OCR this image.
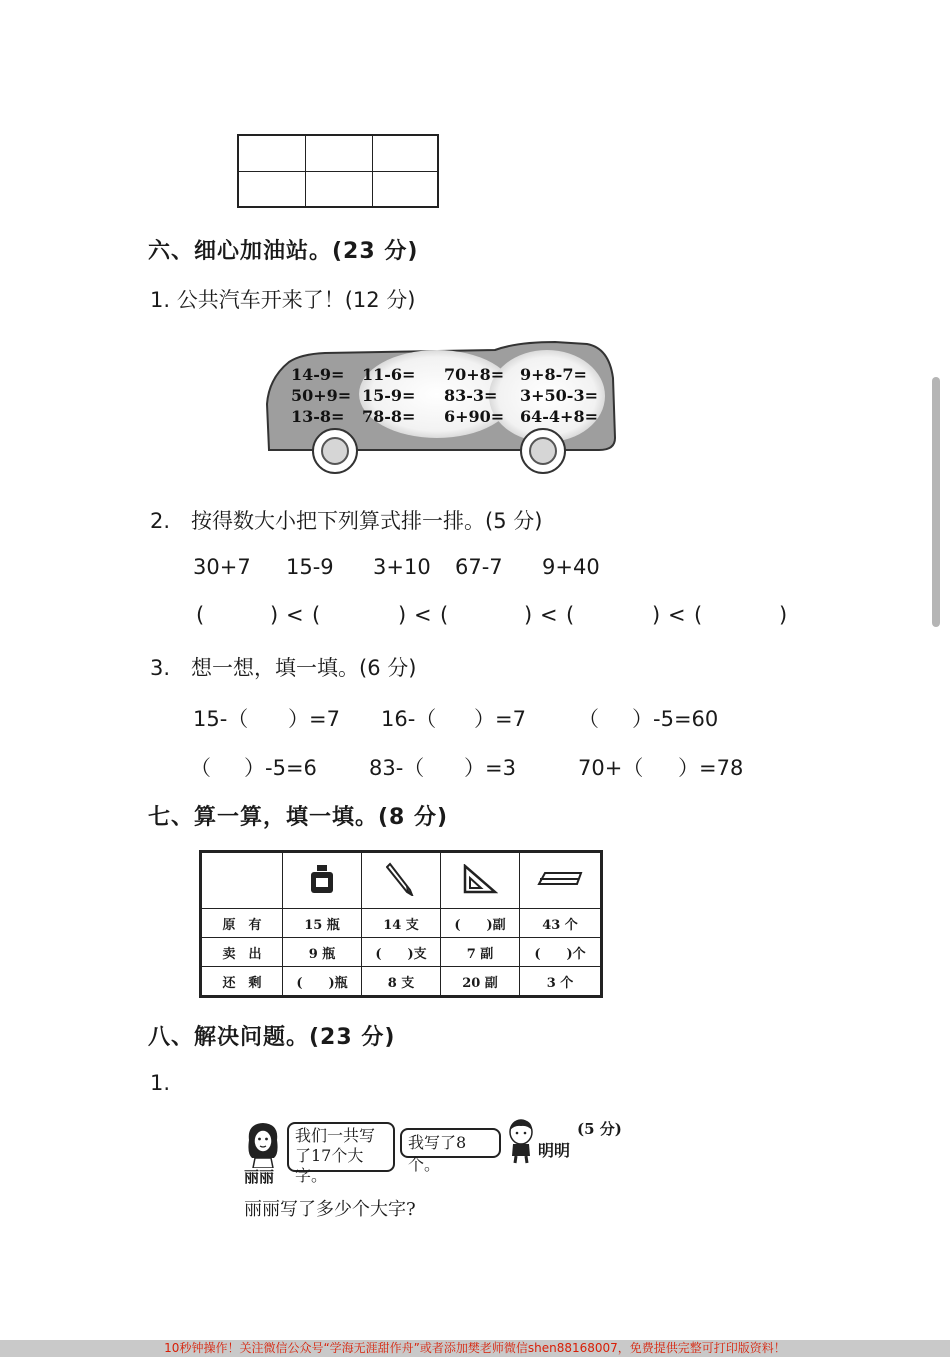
六、细心加油站。(23 分)
1. 公共汽车开来了！(12 分)
14-9= 11-6= 70+8= 9+8-7=
50+9= 15-9= 83-3= 3+50-3=
13-8= 78-8= 6+90= 64-4+8=
2.　按得数大小把下列算式排一排。(5 分)
30+7 15-9 3+10 67-7 9+40
(	) < (	) < (	) < (	) < (	)
3.　想一想，填一填。(6 分)
15-（ ）=7 16-（ ）=7 （ ）-5=60
（ ）-5=6 83-（ ）=3	70+（ ）=78
七、算一算，填一填。(8 分)

原　有	15 瓶	14 支	(　　)副	43 个
卖　出	9 瓶	(　　)支	7 副	(　　)个
还　剩	(　　)瓶	8 支	20 副	3 个
八、解决问题。(23 分)
1.
丽丽
我们一共写
了17个大字。
我写了8个。
明明
(5 分)
丽丽写了多少个大字?
10秒钟操作！关注微信公众号“学海无涯甜作舟”或者添加樊老师微信shen88168007，免费提供完整可打印版资料！
